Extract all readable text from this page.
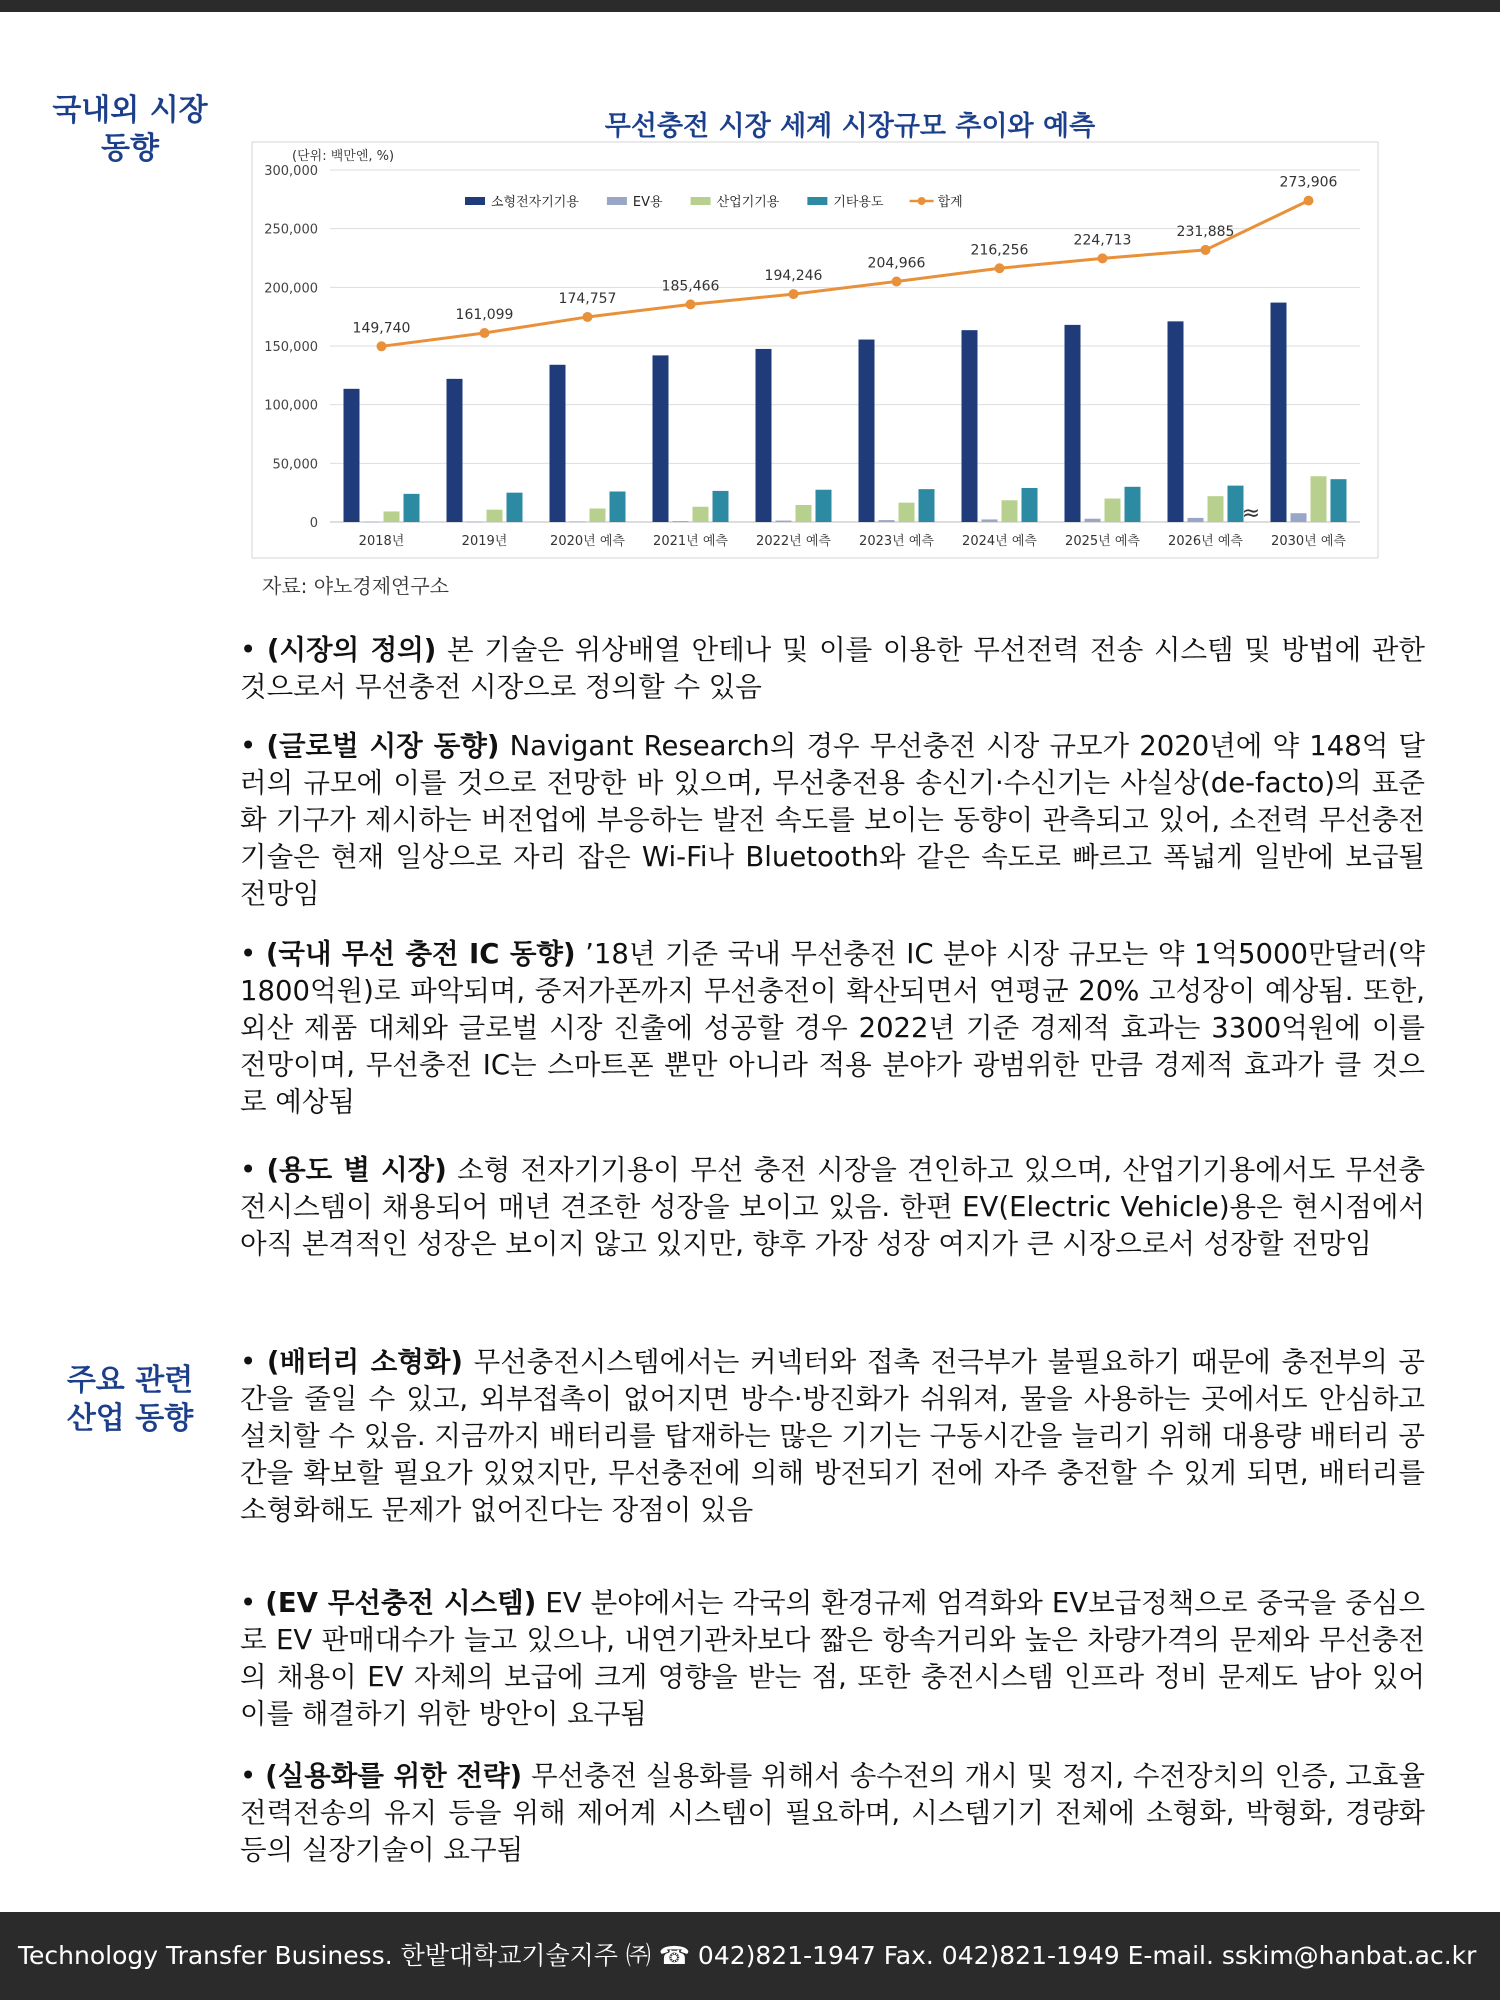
국내외 시장
동향
무선충전 시장 세계 시장규모 추이와 예측
(단위: 백만엔, %)
0
50,000
100,000
150,000
200,000
250,000
300,000
2018년	2019년	2020년 예측 2021년 예측 2022년 예측 2023년 예측 2024년 예측 2025년 예측 2026년 예측 2030년 예측
≈
149,740
161,099
174,757
185,466
194,246
204,966
216,256
224,713
231,885
273,906
소형전자기기용	EV용	산업기기용	기타용도	합계
자료: 야노경제연구소
• (시장의 정의) 본 기술은 위상배열 안테나 및 이를 이용한 무선전력 전송 시스템 및 방법에 관한 것으로서 무선충전 시장으로 정의할 수 있음
• (글로벌 시장 동향) Navigant Research의 경우 무선충전 시장 규모가 2020년에 약 148억 달러의 규모에 이를 것으로 전망한 바 있으며, 무선충전용 송신기·수신기는 사실상(de-facto)의 표준화 기구가 제시하는 버전업에 부응하는 발전 속도를 보이는 동향이 관측되고 있어, 소전력 무선충전기술은 현재 일상으로 자리 잡은 Wi-Fi나 Bluetooth와 같은 속도로 빠르고 폭넓게 일반에 보급될 전망임
• (국내 무선 충전 IC 동향) ’18년 기준 국내 무선충전 IC 분야 시장 규모는 약 1억5000만달러(약 1800억원)로 파악되며, 중저가폰까지 무선충전이 확산되면서 연평균 20% 고성장이 예상됨. 또한, 외산 제품 대체와 글로벌 시장 진출에 성공할 경우 2022년 기준 경제적 효과는 3300억원에 이를 전망이며, 무선충전 IC는 스마트폰 뿐만 아니라 적용 분야가 광범위한 만큼 경제적 효과가 클 것으로 예상됨
• (용도 별 시장) 소형 전자기기용이 무선 충전 시장을 견인하고 있으며, 산업기기용에서도 무선충전시스템이 채용되어 매년 견조한 성장을 보이고 있음. 한편 EV(Electric Vehicle)용은 현시점에서 아직 본격적인 성장은 보이지 않고 있지만, 향후 가장 성장 여지가 큰 시장으로서 성장할 전망임
주요 관련
산업 동향
• (배터리 소형화) 무선충전시스템에서는 커넥터와 접촉 전극부가 불필요하기 때문에 충전부의 공간을 줄일 수 있고, 외부접촉이 없어지면 방수·방진화가 쉬워져, 물을 사용하는 곳에서도 안심하고 설치할 수 있음. 지금까지 배터리를 탑재하는 많은 기기는 구동시간을 늘리기 위해 대용량 배터리 공간을 확보할 필요가 있었지만, 무선충전에 의해 방전되기 전에 자주 충전할 수 있게 되면, 배터리를 소형화해도 문제가 없어진다는 장점이 있음
• (EV 무선충전 시스템) EV 분야에서는 각국의 환경규제 엄격화와 EV보급정책으로 중국을 중심으로 EV 판매대수가 늘고 있으나, 내연기관차보다 짧은 항속거리와 높은 차량가격의 문제와 무선충전의 채용이 EV 자체의 보급에 크게 영향을 받는 점, 또한 충전시스템 인프라 정비 문제도 남아 있어 이를 해결하기 위한 방안이 요구됨
• (실용화를 위한 전략) 무선충전 실용화를 위해서 송수전의 개시 및 정지, 수전장치의 인증, 고효율 전력전송의 유지 등을 위해 제어계 시스템이 필요하며, 시스템기기 전체에 소형화, 박형화, 경량화 등의 실장기술이 요구됨
Technology Transfer Business. 한밭대학교기술지주 ㈜ ☎ 042)821-1947 Fax. 042)821-1949 E-mail. sskim@hanbat.ac.kr
